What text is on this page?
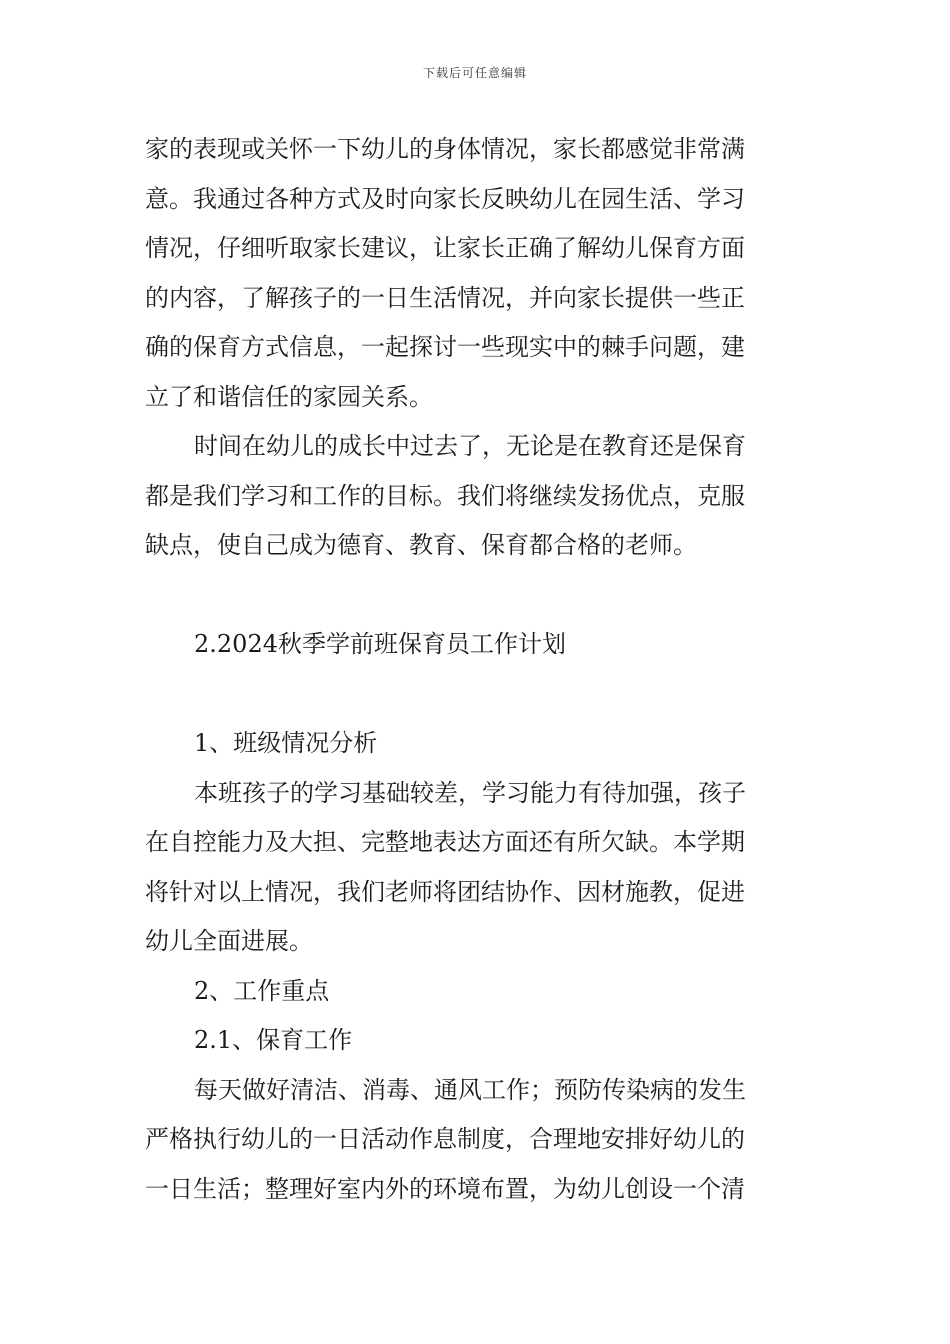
下载后可任意编辑
家的表现或关怀一下幼儿的身体情况，家长都感觉非常满
意。我通过各种方式及时向家长反映幼儿在园生活、学习
情况，仔细听取家长建议，让家长正确了解幼儿保育方面
的内容，了解孩子的一日生活情况，并向家长提供一些正
确的保育方式信息，一起探讨一些现实中的棘手问题，建
立了和谐信任的家园关系。
时间在幼儿的成长中过去了，无论是在教育还是保育
都是我们学习和工作的目标。我们将继续发扬优点，克服
缺点，使自己成为德育、教育、保育都合格的老师。
2.2024秋季学前班保育员工作计划
1、班级情况分析
本班孩子的学习基础较差，学习能力有待加强，孩子
在自控能力及大担、完整地表达方面还有所欠缺。本学期
将针对以上情况，我们老师将团结协作、因材施教，促进
幼儿全面进展。
2、工作重点
2.1、保育工作
每天做好清洁、消毒、通风工作；预防传染病的发生
严格执行幼儿的一日活动作息制度，合理地安排好幼儿的
一日生活；整理好室内外的环境布置，为幼儿创设一个清
